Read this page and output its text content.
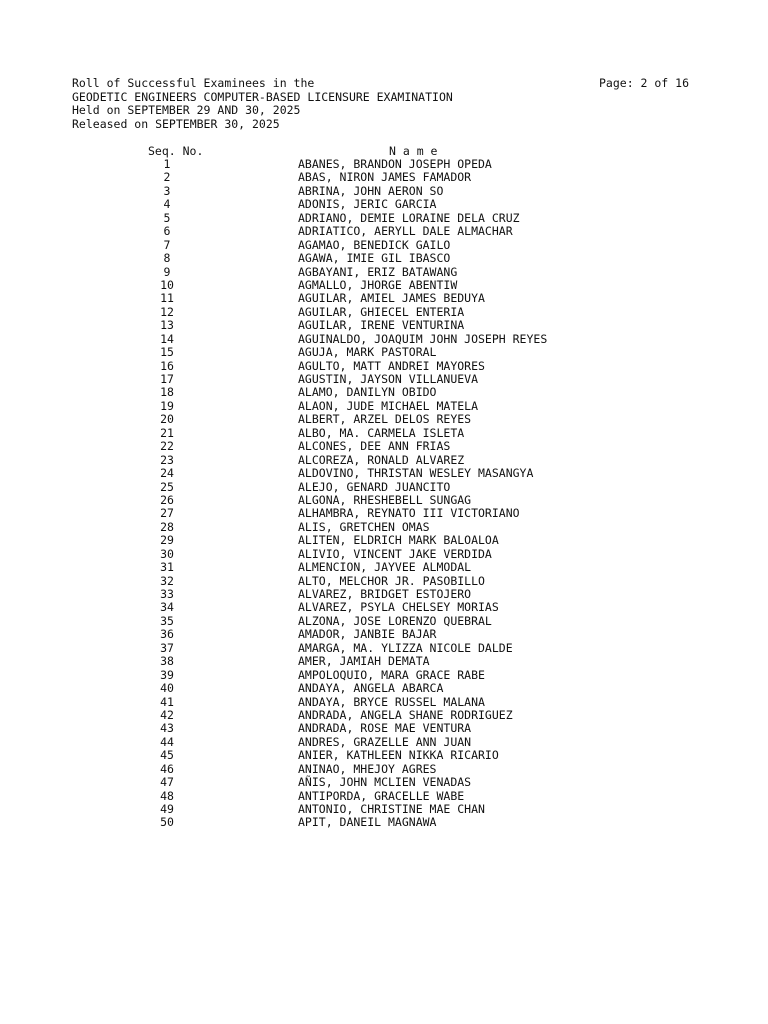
Roll of Successful Examinees in the
GEODETIC ENGINEERS COMPUTER-BASED LICENSURE EXAMINATION
Held on SEPTEMBER 29 AND 30, 2025
Released on SEPTEMBER 30, 2025
Page: 2 of 16
Seq. No.	N a m e
1	ABANES, BRANDON JOSEPH OPEDA
2	ABAS, NIRON JAMES FAMADOR
3	ABRINA, JOHN AERON SO
4	ADONIS, JERIC GARCIA
5	ADRIANO, DEMIE LORAINE DELA CRUZ
6	ADRIATICO, AERYLL DALE ALMACHAR
7	AGAMAO, BENEDICK GAILO
8	AGAWA, IMIE GIL IBASCO
9	AGBAYANI, ERIZ BATAWANG
10	AGMALLO, JHORGE ABENTIW
11	AGUILAR, AMIEL JAMES BEDUYA
12	AGUILAR, GHIECEL ENTERIA
13	AGUILAR, IRENE VENTURINA
14	AGUINALDO, JOAQUIM JOHN JOSEPH REYES
15	AGUJA, MARK PASTORAL
16	AGULTO, MATT ANDREI MAYORES
17	AGUSTIN, JAYSON VILLANUEVA
18	ALAMO, DANILYN OBIDO
19	ALAON, JUDE MICHAEL MATELA
20	ALBERT, ARZEL DELOS REYES
21	ALBO, MA. CARMELA ISLETA
22	ALCONES, DEE ANN FRIAS
23	ALCOREZA, RONALD ALVAREZ
24	ALDOVINO, THRISTAN WESLEY MASANGYA
25	ALEJO, GENARD JUANCITO
26	ALGONA, RHESHEBELL SUNGAG
27	ALHAMBRA, REYNATO III VICTORIANO
28	ALIS, GRETCHEN OMAS
29	ALITEN, ELDRICH MARK BALOALOA
30	ALIVIO, VINCENT JAKE VERDIDA
31	ALMENCION, JAYVEE ALMODAL
32	ALTO, MELCHOR JR. PASOBILLO
33	ALVAREZ, BRIDGET ESTOJERO
34	ALVAREZ, PSYLA CHELSEY MORIAS
35	ALZONA, JOSE LORENZO QUEBRAL
36	AMADOR, JANBIE BAJAR
37	AMARGA, MA. YLIZZA NICOLE DALDE
38	AMER, JAMIAH DEMATA
39	AMPOLOQUIO, MARA GRACE RABE
40	ANDAYA, ANGELA ABARCA
41	ANDAYA, BRYCE RUSSEL MALANA
42	ANDRADA, ANGELA SHANE RODRIGUEZ
43	ANDRADA, ROSE MAE VENTURA
44	ANDRES, GRAZELLE ANN JUAN
45	ANIER, KATHLEEN NIKKA RICARIO
46	ANINAO, MHEJOY AGRES
47	AÑIS, JOHN MCLIEN VENADAS
48	ANTIPORDA, GRACELLE WABE
49	ANTONIO, CHRISTINE MAE CHAN
50	APIT, DANEIL MAGNAWA
